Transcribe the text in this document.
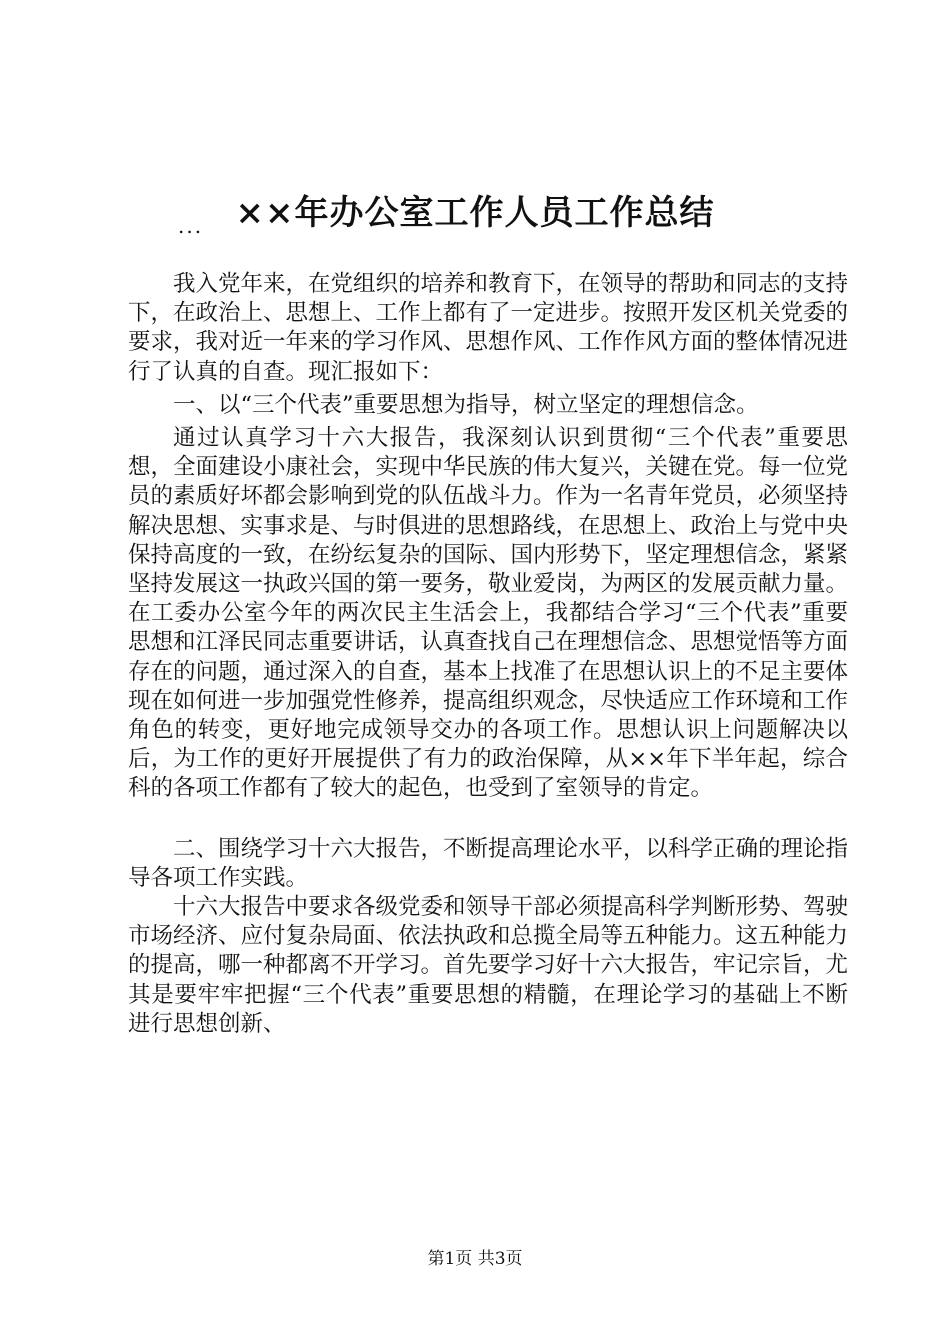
××年办公室工作人员工作总结
...

我入党年来，在党组织的培养和教育下，在领导的帮助和同志的支持下，在政治上、思想上、工作上都有了一定进步。按照开发区机关党委的要求，我对近一年来的学习作风、思想作风、工作作风方面的整体情况进行了认真的自查。现汇报如下：

一、以“三个代表”重要思想为指导，树立坚定的理想信念。

通过认真学习十六大报告，我深刻认识到贯彻“三个代表”重要思想，全面建设小康社会，实现中华民族的伟大复兴，关键在党。每一位党员的素质好坏都会影响到党的队伍战斗力。作为一名青年党员，必须坚持解决思想、实事求是、与时俱进的思想路线，在思想上、政治上与党中央保持高度的一致，在纷纭复杂的国际、国内形势下，坚定理想信念，紧紧坚持发展这一执政兴国的第一要务，敬业爱岗，为两区的发展贡献力量。在工委办公室今年的两次民主生活会上，我都结合学习“三个代表”重要思想和江泽民同志重要讲话，认真查找自己在理想信念、思想觉悟等方面存在的问题，通过深入的自查，基本上找准了在思想认识上的不足主要体现在如何进一步加强党性修养，提高组织观念，尽快适应工作环境和工作角色的转变，更好地完成领导交办的各项工作。思想认识上问题解决以后，为工作的更好开展提供了有力的政治保障，从××年下半年起，综合科的各项工作都有了较大的起色，也受到了室领导的肯定。

二、围绕学习十六大报告，不断提高理论水平，以科学正确的理论指导各项工作实践。

十六大报告中要求各级党委和领导干部必须提高科学判断形势、驾驶市场经济、应付复杂局面、依法执政和总揽全局等五种能力。这五种能力的提高，哪一种都离不开学习。首先要学习好十六大报告，牢记宗旨，尤其是要牢牢把握“三个代表”重要思想的精髓，在理论学习的基础上不断进行思想创新、

第1页 共3页
